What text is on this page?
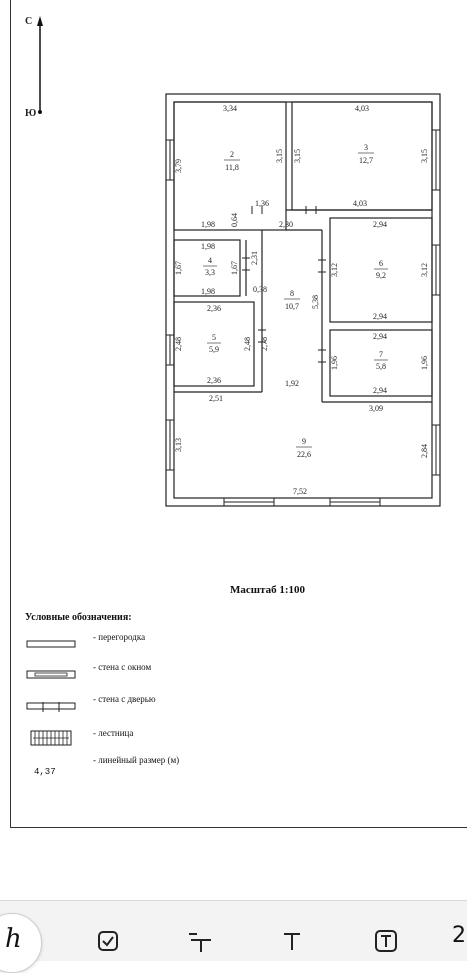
С
Ю
2
11,8
3
12,7
4
3,3
5
5,9
6
9,2
7
5,8
8
10,7
9
22,6
3,34	4,03
3,79
3,15 3,15	3,15
1,98 0,64
1,36
2,30
4,03
2,94
1,98
2,31
1,67	1,67
1,98	0,38
3,12	3,12
5,38
2,94
2,36
2,48	2,48 2,78
2,94
1,96	1,96
2,36	1,92
2,94
2,51
3,09
3,13	2,84
7,52
Масштаб 1:100
Условные обозначения:
- перегородка
- стена с окном
- стена с дверью
- лестница
- линейный размер (м)
4,37
ℎ	2
